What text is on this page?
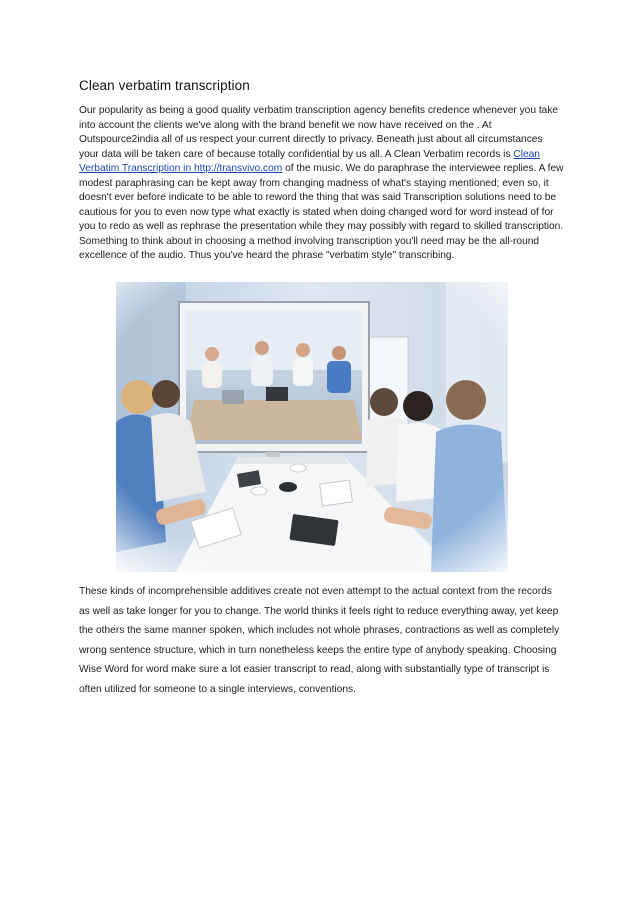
Clean verbatim transcription
Our popularity as being a good quality verbatim transcription agency benefits credence whenever you take into account the clients we've along with the brand benefit we now have received on the . At Outspource2india all of us respect your current directly to privacy. Beneath just about all circumstances your data will be taken care of because totally confidential by us all. A Clean Verbatim records is Clean Verbatim Transcription in http://transvivo.com of the music. We do paraphrase the interviewee replies. A few modest paraphrasing can be kept away from changing madness of what's staying mentioned; even so, it doesn't ever before indicate to be able to reword the thing that was said Transcription solutions need to be cautious for you to even now type what exactly is stated when doing changed word for word instead of for you to redo as well as rephrase the presentation while they may possibly with regard to skilled transcription. Something to think about in choosing a method involving transcription you'll need may be the all-round excellence of the audio. Thus you've heard the phrase "verbatim style" transcribing.
These kinds of incomprehensible additives create not even attempt to the actual context from the records as well as take longer for you to change. The world thinks it feels right to reduce everything away, yet keep the others the same manner spoken, which includes not whole phrases, contractions as well as completely wrong sentence structure, which in turn nonetheless keeps the entire type of anybody speaking. Choosing Wise Word for word make sure a lot easier transcript to read, along with substantially type of transcript is often utilized for someone to a single interviews, conventions.
